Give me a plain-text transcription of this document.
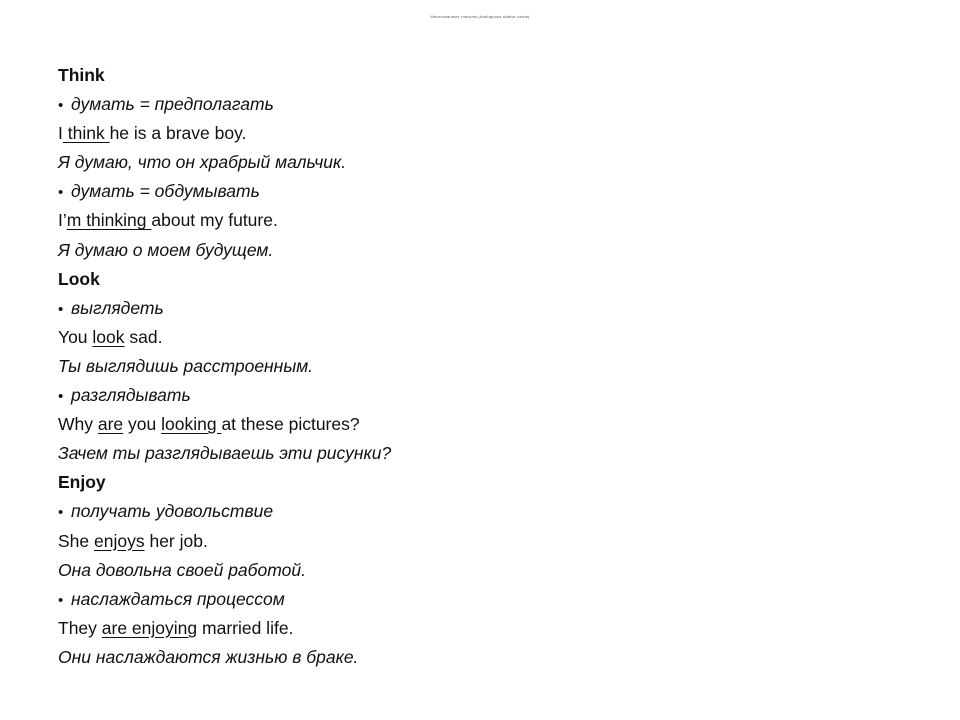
Многозначные глаголы (Ambiguous stative verbs)
Think
• думать = предполагать
I think he is a brave boy.
Я думаю, что он храбрый мальчик.
• думать = обдумывать
I’m thinking about my future.
Я думаю о моем будущем.
Look
• выглядеть
You look sad.
Ты выглядишь расстроенным.
• разглядывать
Why are you looking at these pictures?
Зачем ты разглядываешь эти рисунки?
Enjoy
• получать удовольствие
She enjoys her job.
Она довольна своей работой.
• наслаждаться процессом
They are enjoying married life.
Они наслаждаются жизнью в браке.
